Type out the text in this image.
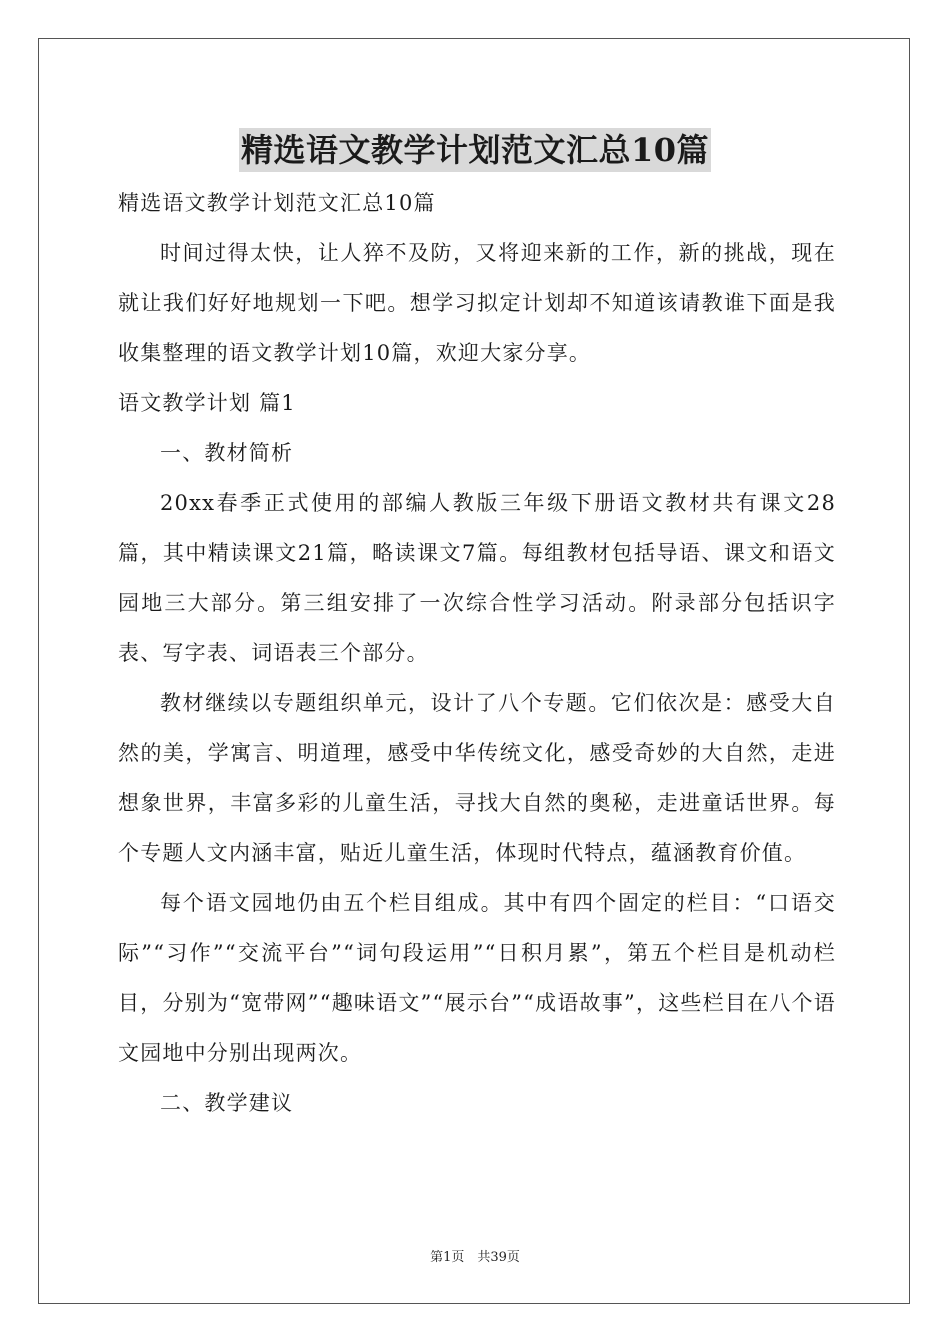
精选语文教学计划范文汇总10篇

精选语文教学计划范文汇总10篇

时间过得太快，让人猝不及防，又将迎来新的工作，新的挑战，现在就让我们好好地规划一下吧。想学习拟定计划却不知道该请教谁下面是我收集整理的语文教学计划10篇，欢迎大家分享。

语文教学计划 篇1

一、教材简析

20xx春季正式使用的部编人教版三年级下册语文教材共有课文28篇，其中精读课文21篇，略读课文7篇。每组教材包括导语、课文和语文园地三大部分。第三组安排了一次综合性学习活动。附录部分包括识字表、写字表、词语表三个部分。

教材继续以专题组织单元，设计了八个专题。它们依次是：感受大自然的美，学寓言、明道理，感受中华传统文化，感受奇妙的大自然，走进想象世界，丰富多彩的儿童生活，寻找大自然的奥秘，走进童话世界。每个专题人文内涵丰富，贴近儿童生活，体现时代特点，蕴涵教育价值。

每个语文园地仍由五个栏目组成。其中有四个固定的栏目：“口语交际”“习作”“交流平台”“词句段运用”“日积月累”，第五个栏目是机动栏目，分别为“宽带网”“趣味语文”“展示台”“成语故事”，这些栏目在八个语文园地中分别出现两次。

二、教学建议

第1页　共39页
